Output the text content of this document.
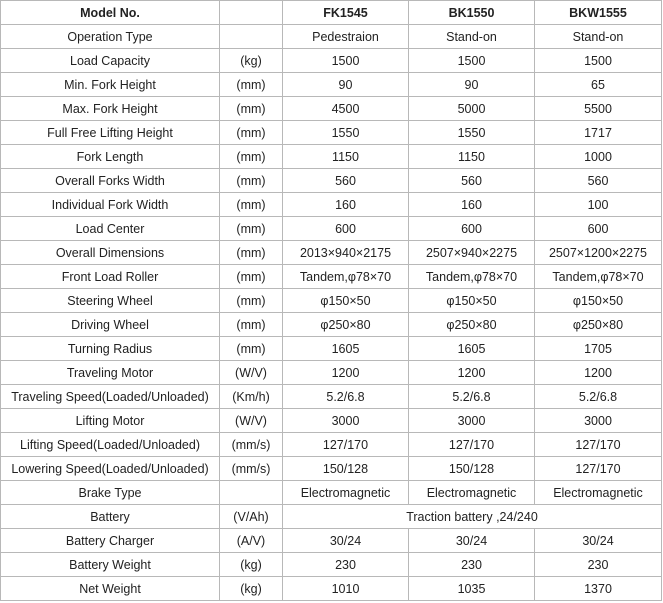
Model No.		FK1545	BK1550	BKW1555
Operation Type		Pedestraion	Stand-on	Stand-on
Load Capacity	(kg)	1500	1500	1500
Min. Fork Height	(mm)	90	90	65
Max. Fork Height	(mm)	4500	5000	5500
Full Free Lifting Height	(mm)	1550	1550	1717
Fork Length	(mm)	1150	1150	1000
Overall Forks Width	(mm)	560	560	560
Individual Fork Width	(mm)	160	160	100
Load Center	(mm)	600	600	600
Overall Dimensions	(mm)	2013×940×2175	2507×940×2275	2507×1200×2275
Front Load Roller	(mm)	Tandem,φ78×70	Tandem,φ78×70	Tandem,φ78×70
Steering Wheel	(mm)	φ150×50	φ150×50	φ150×50
Driving Wheel	(mm)	φ250×80	φ250×80	φ250×80
Turning Radius	(mm)	1605	1605	1705
Traveling Motor	(W/V)	1200	1200	1200
Traveling Speed(Loaded/Unloaded)	(Km/h)	5.2/6.8	5.2/6.8	5.2/6.8
Lifting Motor	(W/V)	3000	3000	3000
Lifting Speed(Loaded/Unloaded)	(mm/s)	127/170	127/170	127/170
Lowering Speed(Loaded/Unloaded)	(mm/s)	150/128	150/128	127/170
Brake Type		Electromagnetic	Electromagnetic	Electromagnetic
Battery	(V/Ah)	Traction battery ,24/240		
Battery Charger	(A/V)	30/24	30/24	30/24
Battery Weight	(kg)	230	230	230
Net Weight	(kg)	1010	1035	1370
